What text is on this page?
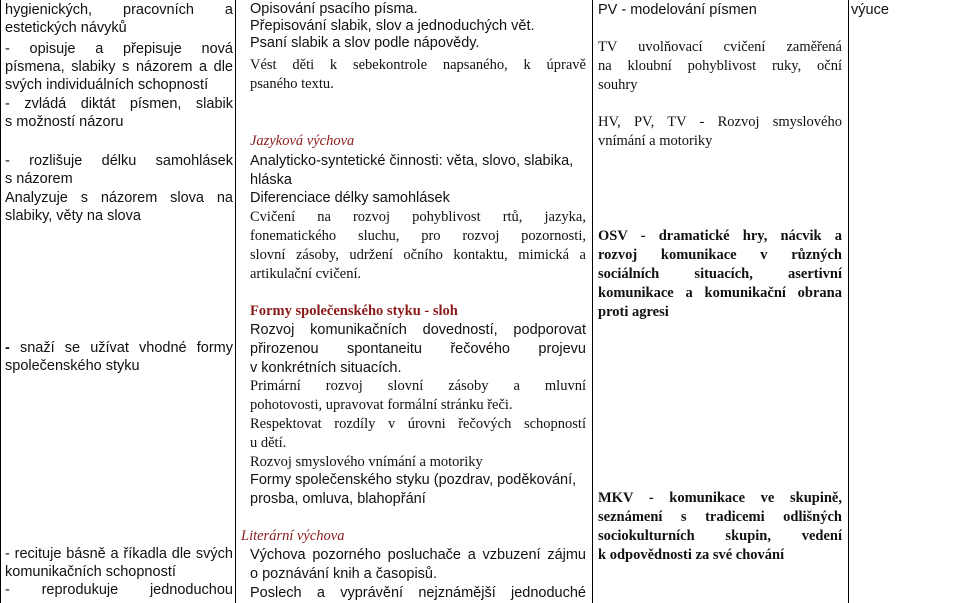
hygienických, pracovních a
estetických návyků
- opisuje a přepisuje nová
písmena, slabiky s názorem a dle
svých individuálních schopností
- zvládá diktát písmen, slabik
s možností názoru
- rozlišuje délku samohlásek
s názorem
Analyzuje s názorem slova na
slabiky, věty na slova
- snaží se užívat vhodné formy
společenského styku
- recituje básně a říkadla dle svých
komunikačních schopností
- reprodukuje jednoduchou
Opisování psacího písma.
Přepisování slabik, slov a jednoduchých vět.
Psaní slabik a slov podle nápovědy.
Vést děti k sebekontrole napsaného, k úpravě
psaného textu.
Jazyková výchova
Analyticko-syntetické činnosti: věta, slovo, slabika,
hláska
Diferenciace délky samohlásek
Cvičení na rozvoj pohyblivost rtů, jazyka,
fonematického sluchu, pro rozvoj pozornosti,
slovní zásoby, udržení očního kontaktu, mimická a
artikulační cvičení.
Formy společenského styku - sloh
Rozvoj komunikačních dovedností, podporovat
přirozenou spontaneitu řečového projevu
v konkrétních situacích.
Primární rozvoj slovní zásoby a mluvní
pohotovosti, upravovat formální stránku řeči.
Respektovat rozdíly v úrovni řečových schopností
u dětí.
Rozvoj smyslového vnímání a motoriky
Formy společenského styku (pozdrav, poděkování,
prosba, omluva, blahopřání
Literární výchova
Výchova pozorného posluchače a vzbuzení zájmu
o poznávání knih a časopisů.
Poslech a vyprávění nejznámější jednoduché
PV - modelování písmen
TV uvolňovací cvičení zaměřená
na kloubní pohyblivost ruky, oční
souhry
HV, PV, TV - Rozvoj smyslového
vnímání a motoriky
OSV - dramatické hry, nácvik a
rozvoj komunikace v různých
sociálních situacích, asertivní
komunikace a komunikační obrana
proti agresi
MKV - komunikace ve skupině,
seznámení s tradicemi odlišných
sociokulturních skupin, vedení
k odpovědnosti za své chování
výuce
